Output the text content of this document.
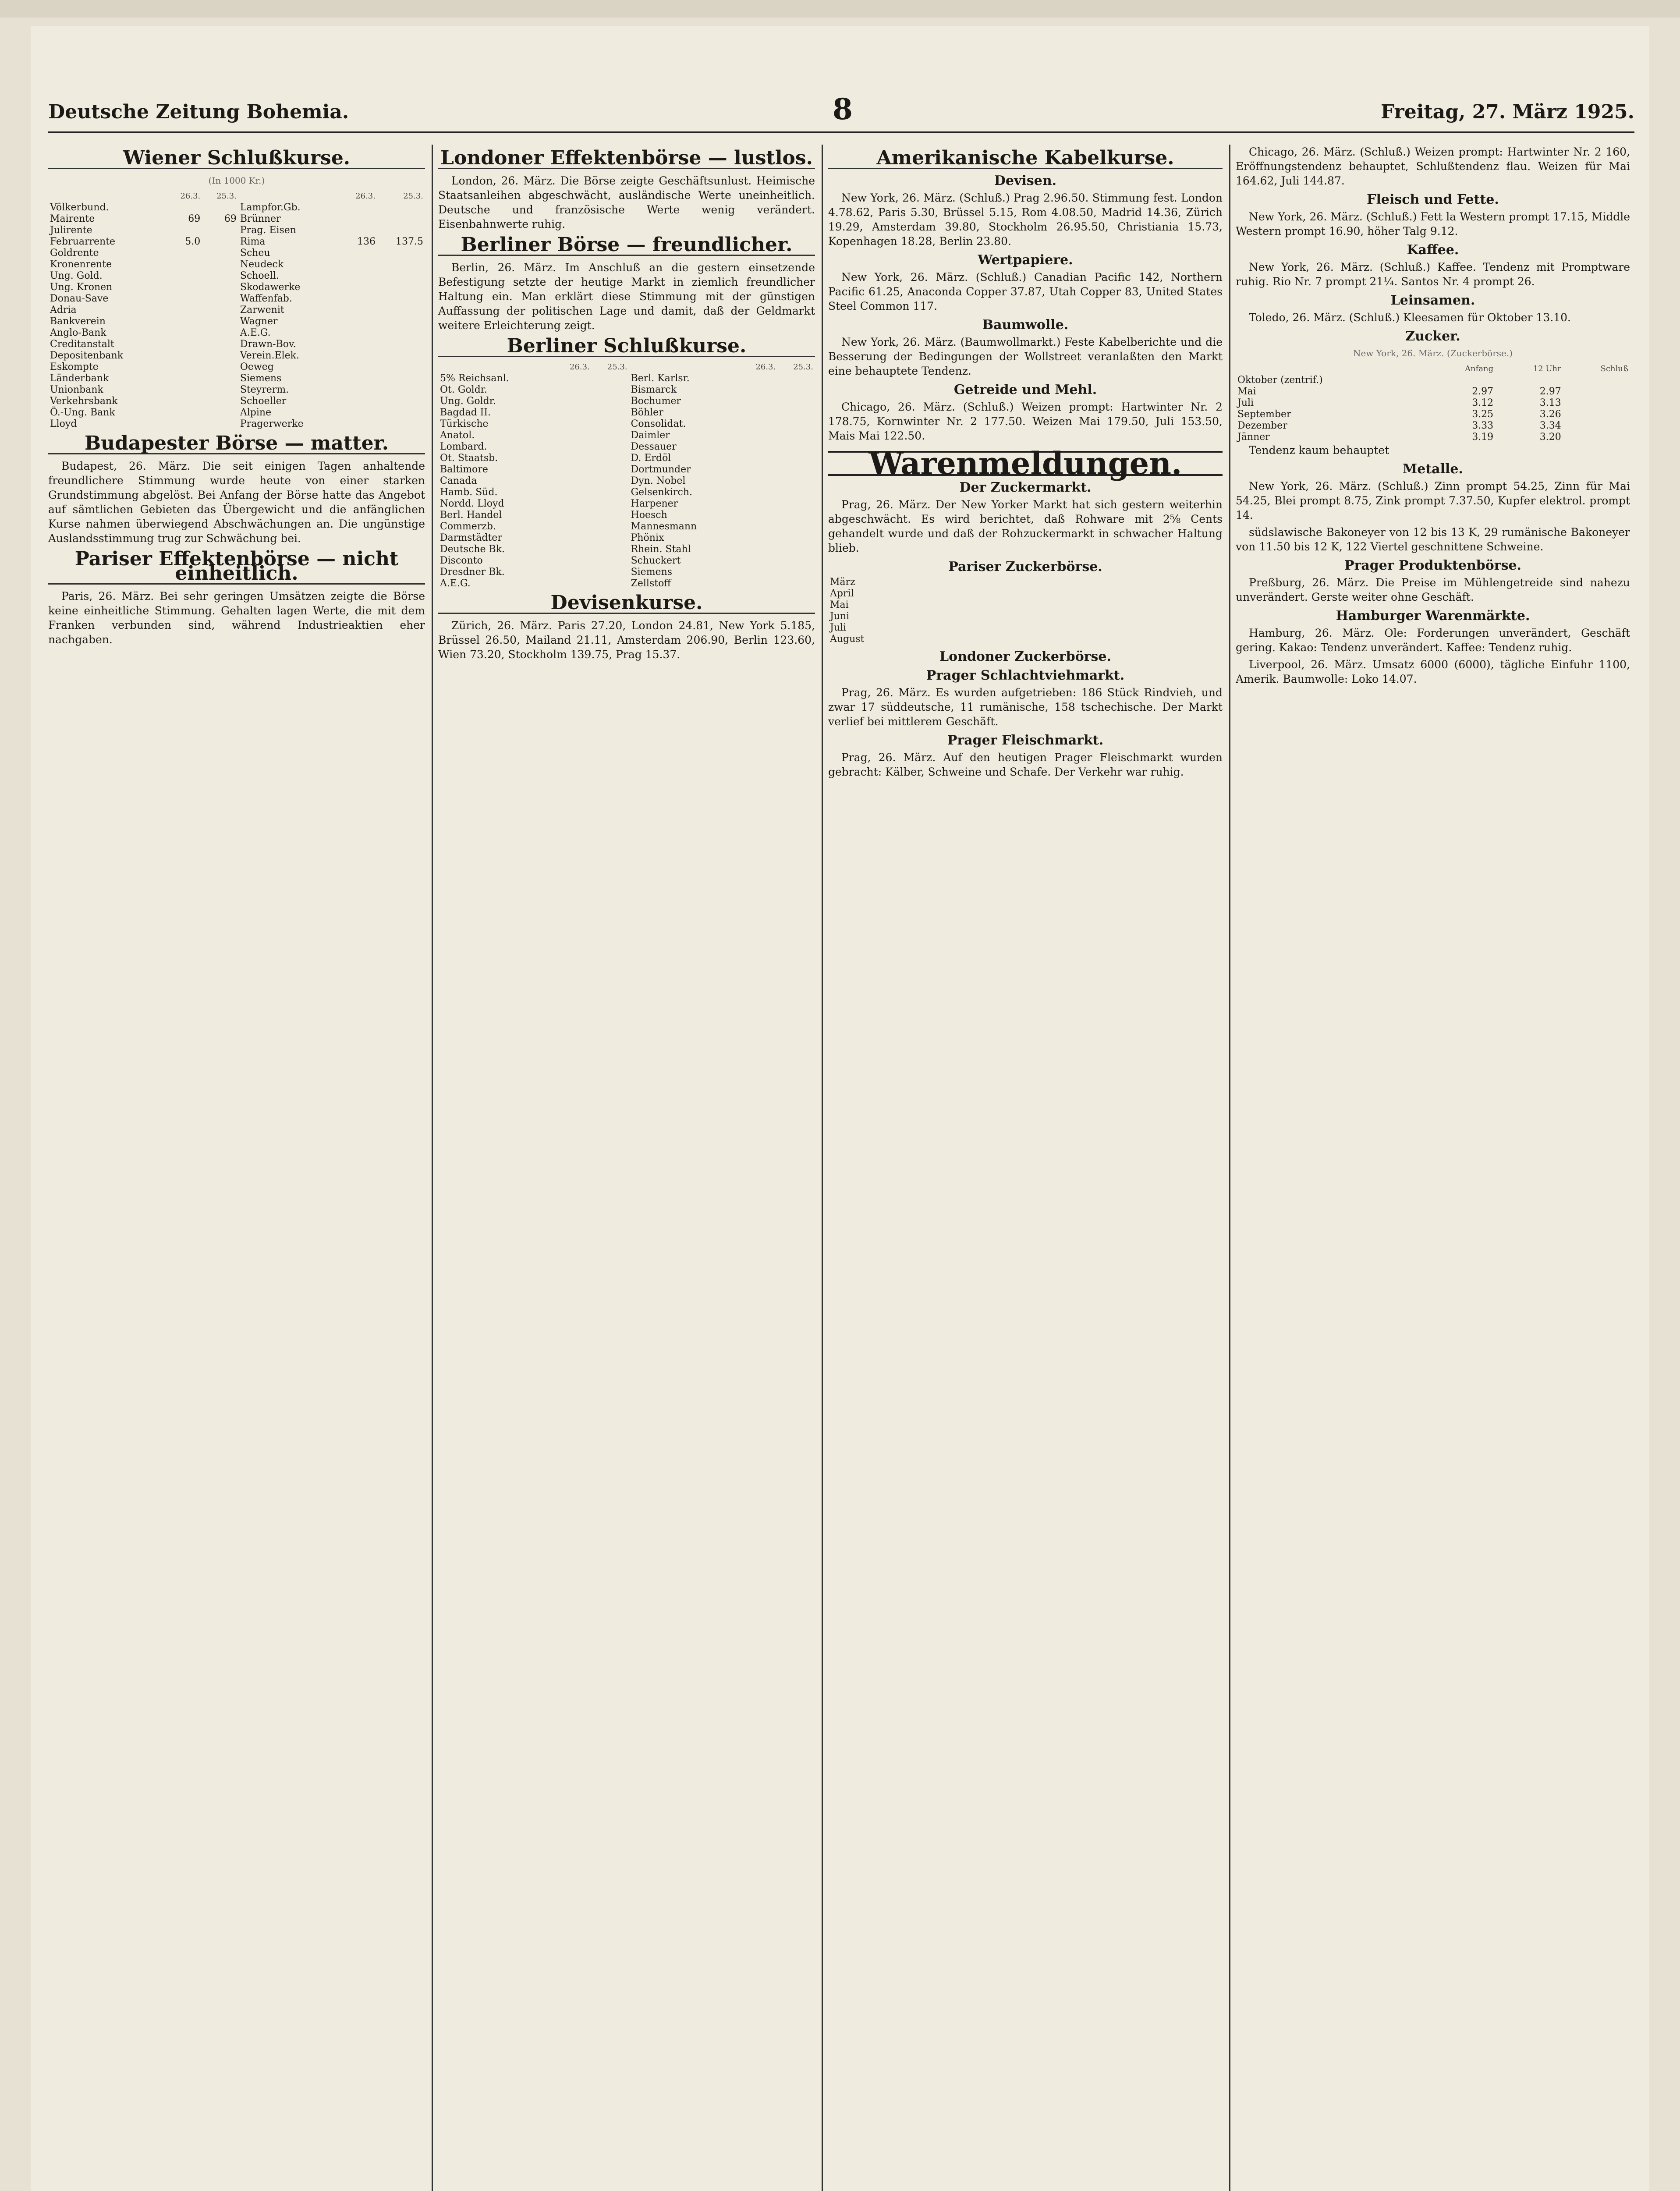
Deutsche Zeitung Bohemia.	8	Freitag, 27. März 1925.
Wiener Schlußkurse.
(In 1000 Kr.)
	26.3.	25.3.		26.3.	25.3.
Völkerbund.			Lampfor.Gb.		
Mairente	69	69	Brünner		
Julirente			Prag. Eisen		
Februarrente	5.0		Rima	136	137.5
Goldrente			Scheu		
Kronenrente			Neudeck		
Ung. Gold.			Schoell.		
Ung. Kronen			Skodawerke		
Donau-Save			Waffenfab.		
Adria			Zarwenit		
Bankverein			Wagner		
Anglo-Bank			A.E.G.		
Creditanstalt			Drawn-Bov.		
Depositenbank			Verein.Elek.		
Eskompte			Oeweg		
Länderbank			Siemens		
Unionbank			Steyrerm.		
Verkehrsbank			Schoeller		
Ö.-Ung. Bank			Alpine		
Lloyd			Pragerwerke		
Budapester Börse — matter.

Budapest, 26. März. Die seit einigen Tagen anhaltende freundlichere Stimmung wurde heute von einer starken Grundstimmung abgelöst. Bei Anfang der Börse hatte das Angebot auf sämtlichen Gebieten das Übergewicht und die anfänglichen Kurse nahmen überwiegend Abschwächungen an. Die ungünstige Auslandsstimmung trug zur Schwächung bei.

Pariser Effektenbörse — nicht einheitlich.

Paris, 26. März. Bei sehr geringen Umsätzen zeigte die Börse keine einheitliche Stimmung. Gehalten lagen Werte, die mit dem Franken verbunden sind, während Industrieaktien eher nachgaben.

Londoner Effektenbörse — lustlos.

London, 26. März. Die Börse zeigte Geschäftsunlust. Heimische Staatsanleihen abgeschwächt, ausländische Werte uneinheitlich. Deutsche und französische Werte wenig verändert. Eisenbahnwerte ruhig.

Berliner Börse — freundlicher.

Berlin, 26. März. Im Anschluß an die gestern einsetzende Befestigung setzte der heutige Markt in ziemlich freundlicher Haltung ein. Man erklärt diese Stimmung mit der günstigen Auffassung der politischen Lage und damit, daß der Geldmarkt weitere Erleichterung zeigt.

Berliner Schlußkurse.
	26.3.	25.3.		26.3.	25.3.
5% Reichsanl.			Berl. Karlsr.		
Ot. Goldr.			Bismarck		
Ung. Goldr.			Bochumer		
Bagdad II.			Böhler		
Türkische			Consolidat.		
Anatol.			Daimler		
Lombard.			Dessauer		
Ot. Staatsb.			D. Erdöl		
Baltimore			Dortmunder		
Canada			Dyn. Nobel		
Hamb. Süd.			Gelsenkirch.		
Nordd. Lloyd			Harpener		
Berl. Handel			Hoesch		
Commerzb.			Mannesmann		
Darmstädter			Phönix		
Deutsche Bk.			Rhein. Stahl		
Disconto			Schuckert		
Dresdner Bk.			Siemens		
A.E.G.			Zellstoff		
Devisenkurse.

Zürich, 26. März. Paris 27.20, London 24.81, New York 5.185, Brüssel 26.50, Mailand 21.11, Amsterdam 206.90, Berlin 123.60, Wien 73.20, Stockholm 139.75, Prag 15.37.

Amerikanische Kabelkurse.
Devisen.

New York, 26. März. (Schluß.) Prag 2.96.50. Stimmung fest. London 4.78.62, Paris 5.30, Brüssel 5.15, Rom 4.08.50, Madrid 14.36, Zürich 19.29, Amsterdam 39.80, Stockholm 26.95.50, Christiania 15.73, Kopenhagen 18.28, Berlin 23.80.

Wertpapiere.

New York, 26. März. (Schluß.) Canadian Pacific 142, Northern Pacific 61.25, Anaconda Copper 37.87, Utah Copper 83, United States Steel Common 117.

Baumwolle.

New York, 26. März. (Baumwollmarkt.) Feste Kabelberichte und die Besserung der Bedingungen der Wollstreet veranlaßten den Markt eine behauptete Tendenz.

Getreide und Mehl.

Chicago, 26. März. (Schluß.) Weizen prompt: Hartwinter Nr. 2 178.75, Kornwinter Nr. 2 177.50. Weizen Mai 179.50, Juli 153.50, Mais Mai 122.50.

Warenmeldungen.
Der Zuckermarkt.

Prag, 26. März. Der New Yorker Markt hat sich gestern weiterhin abgeschwächt. Es wird berichtet, daß Rohware mit 2⅝ Cents gehandelt wurde und daß der Rohzuckermarkt in schwacher Haltung blieb.

Pariser Zuckerbörse.
März		
April		
Mai		
Juni		
Juli		
August		
Londoner Zuckerbörse.
Prager Schlachtviehmarkt.

Prag, 26. März. Es wurden aufgetrieben: 186 Stück Rindvieh, und zwar 17 süddeutsche, 11 rumänische, 158 tschechische. Der Markt verlief bei mittlerem Geschäft.

Prager Fleischmarkt.

Prag, 26. März. Auf den heutigen Prager Fleischmarkt wurden gebracht: Kälber, Schweine und Schafe. Der Verkehr war ruhig.

Chicago, 26. März. (Schluß.) Weizen prompt: Hartwinter Nr. 2 160, Eröffnungstendenz behauptet, Schlußtendenz flau. Weizen für Mai 164.62, Juli 144.87.

Fleisch und Fette.

New York, 26. März. (Schluß.) Fett la Western prompt 17.15, Middle Western prompt 16.90, höher Talg 9.12.

Kaffee.

New York, 26. März. (Schluß.) Kaffee. Tendenz mit Promptware ruhig. Rio Nr. 7 prompt 21¼. Santos Nr. 4 prompt 26.

Leinsamen.

Toledo, 26. März. (Schluß.) Kleesamen für Oktober 13.10.

Zucker.
New York, 26. März. (Zuckerbörse.)
	Anfang	12 Uhr	Schluß
Oktober (zentrif.)			
Mai	2.97	2.97	
Juli	3.12	3.13	
September	3.25	3.26	
Dezember	3.33	3.34	
Jänner	3.19	3.20	

Tendenz kaum behauptet

Metalle.

New York, 26. März. (Schluß.) Zinn prompt 54.25, Zinn für Mai 54.25, Blei prompt 8.75, Zink prompt 7.37.50, Kupfer elektrol. prompt 14.

südslawische Bakoneyer von 12 bis 13 K, 29 rumänische Bakoneyer von 11.50 bis 12 K, 122 Viertel geschnittene Schweine.

Prager Produktenbörse.

Preßburg, 26. März. Die Preise im Mühlengetreide sind nahezu unverändert. Gerste weiter ohne Geschäft.

Hamburger Warenmärkte.

Hamburg, 26. März. Ole: Forderungen unverändert, Geschäft gering. Kakao: Tendenz unverändert. Kaffee: Tendenz ruhig.

Liverpool, 26. März. Umsatz 6000 (6000), tägliche Einfuhr 1100, Amerik. Baumwolle: Loko 14.07.
